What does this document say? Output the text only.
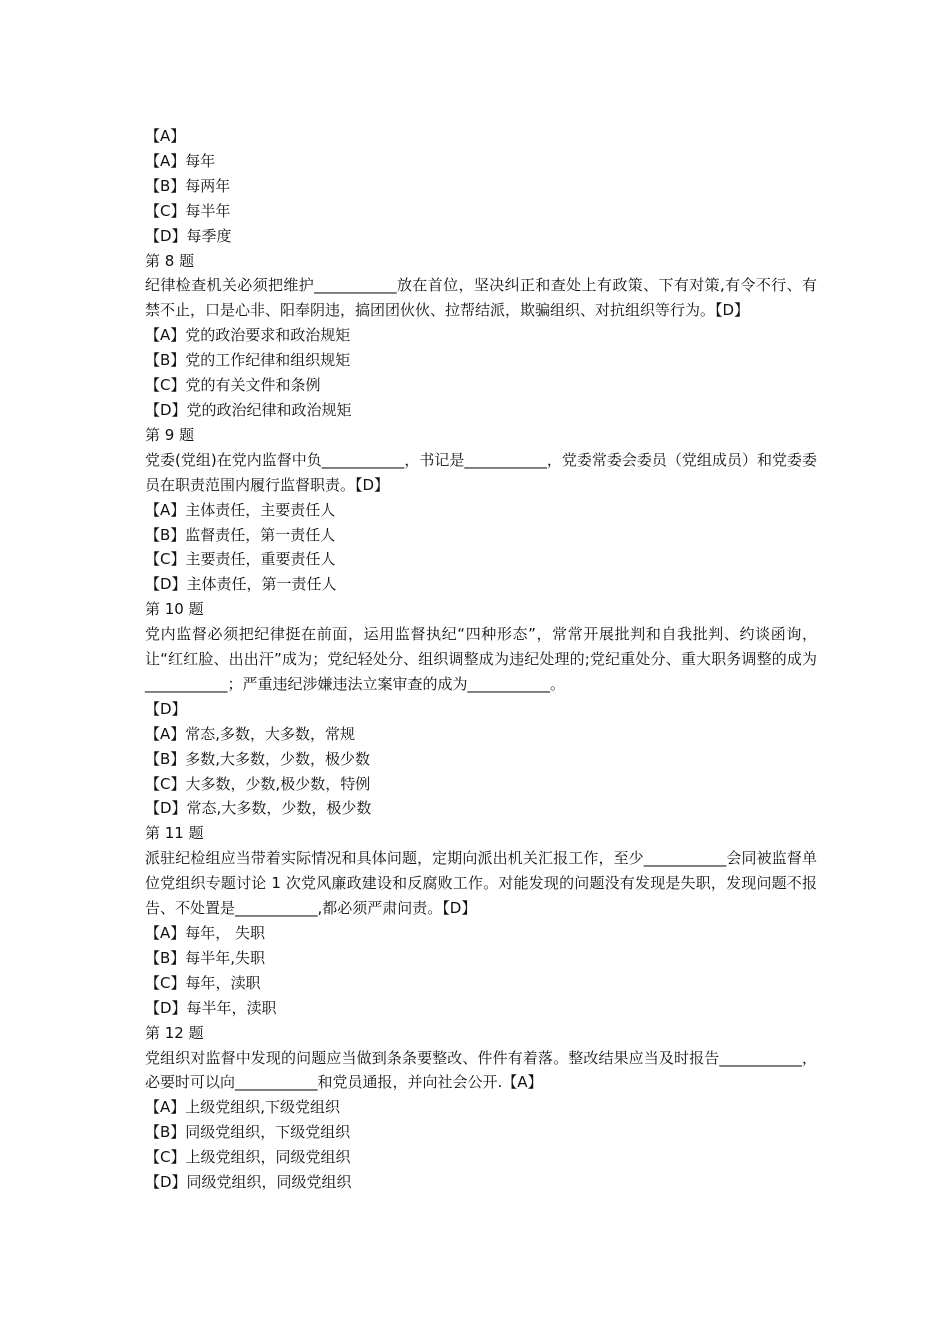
【A】

【A】每年

【B】每两年

【C】每半年

【D】每季度

第 8 题

纪律检查机关必须把维护___________放在首位，坚决纠正和查处上有政策、下有对策,有令不行、有禁不止，口是心非、阳奉阴违，搞团团伙伙、拉帮结派，欺骗组织、对抗组织等行为。【D】

【A】党的政治要求和政治规矩

【B】党的工作纪律和组织规矩

【C】党的有关文件和条例

【D】党的政治纪律和政治规矩

第 9 题

党委(党组)在党内监督中负___________，书记是___________，党委常委会委员（党组成员）和党委委员在职责范围内履行监督职责。【D】

【A】主体责任，主要责任人

【B】监督责任，第一责任人

【C】主要责任，重要责任人

【D】主体责任，第一责任人

第 10 题

党内监督必须把纪律挺在前面，运用监督执纪“四种形态”，常常开展批判和自我批判、约谈函询，让“红红脸、出出汗”成为；党纪轻处分、组织调整成为违纪处理的;党纪重处分、重大职务调整的成为___________；严重违纪涉嫌违法立案审查的成为___________。

【D】

【A】常态,多数，大多数，常规

【B】多数,大多数，少数，极少数

【C】大多数，少数,极少数，特例

【D】常态,大多数，少数，极少数

第 11 题

派驻纪检组应当带着实际情况和具体问题，定期向派出机关汇报工作，至少___________会同被监督单位党组织专题讨论 1 次党风廉政建设和反腐败工作。对能发现的问题没有发现是失职，发现问题不报告、不处置是___________,都必须严肃问责。【D】

【A】每年， 失职

【B】每半年,失职

【C】每年，渎职

【D】每半年，渎职

第 12 题

党组织对监督中发现的问题应当做到条条要整改、件件有着落。整改结果应当及时报告___________，必要时可以向___________和党员通报，并向社会公开.【A】

【A】上级党组织,下级党组织

【B】同级党组织，下级党组织

【C】上级党组织，同级党组织

【D】同级党组织，同级党组织
